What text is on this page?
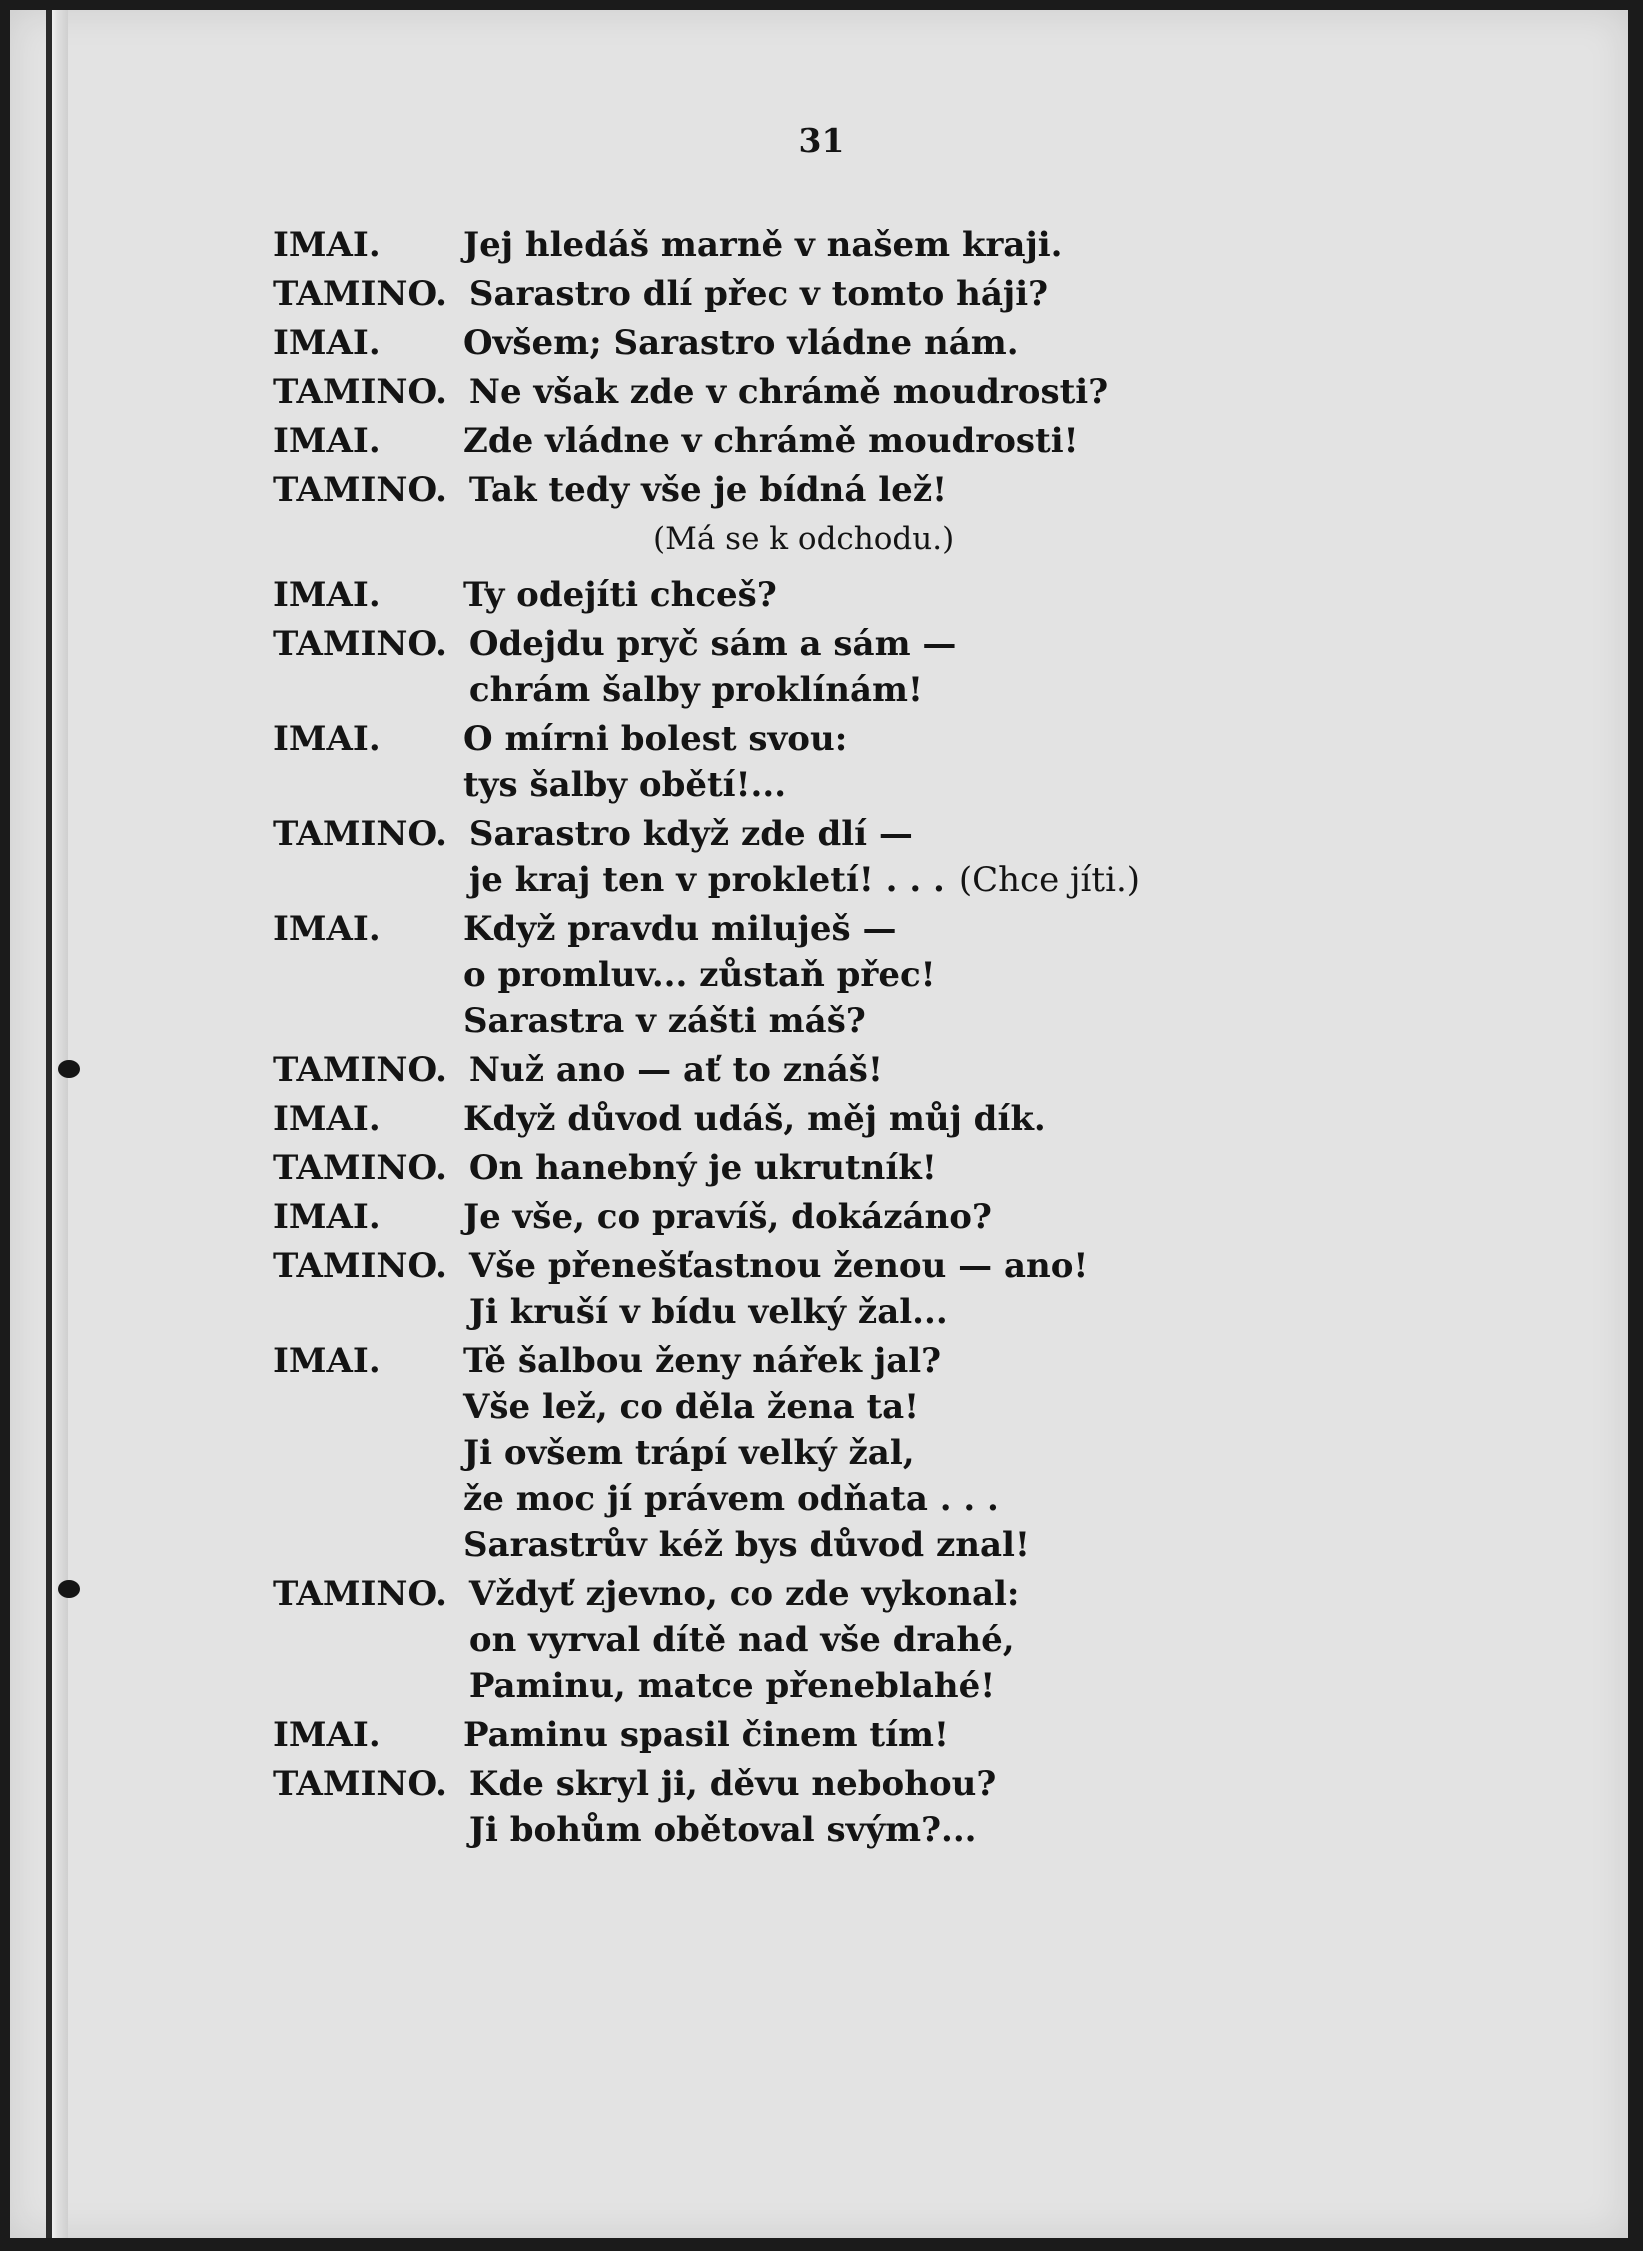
31
IMAI.	Jej hledáš marně v našem kraji.
TAMINO. Sarastro dlí přec v tomto háji?
IMAI.	Ovšem; Sarastro vládne nám.
TAMINO. Ne však zde v chrámě moudrosti?
IMAI.	Zde vládne v chrámě moudrosti!
TAMINO. Tak tedy vše je bídná lež!
(Má se k odchodu.)
IMAI.	Ty odejíti chceš?
TAMINO. Odejdu pryč sám a sám —
chrám šalby proklínám!
IMAI.	O mírni bolest svou:
tys šalby obětí!...
TAMINO. Sarastro když zde dlí —
je kraj ten v prokletí! . . . (Chce jíti.)
IMAI.	Když pravdu miluješ —
o promluv... zůstaň přec!
Sarastra v zášti máš?
TAMINO. Nuž ano — ať to znáš!
IMAI.	Když důvod udáš, měj můj dík.
TAMINO. On hanebný je ukrutník!
IMAI.	Je vše, co pravíš, dokázáno?
TAMINO. Vše přenešťastnou ženou — ano!
Ji kruší v bídu velký žal...
IMAI.	Tě šalbou ženy nářek jal?
Vše lež, co děla žena ta!
Ji ovšem trápí velký žal,
že moc jí právem odňata . . .
Sarastrův kéž bys důvod znal!
TAMINO. Vždyť zjevno, co zde vykonal:
on vyrval dítě nad vše drahé,
Paminu, matce přeneblahé!
IMAI.	Paminu spasil činem tím!
TAMINO. Kde skryl ji, děvu nebohou?
Ji bohům obětoval svým?...
